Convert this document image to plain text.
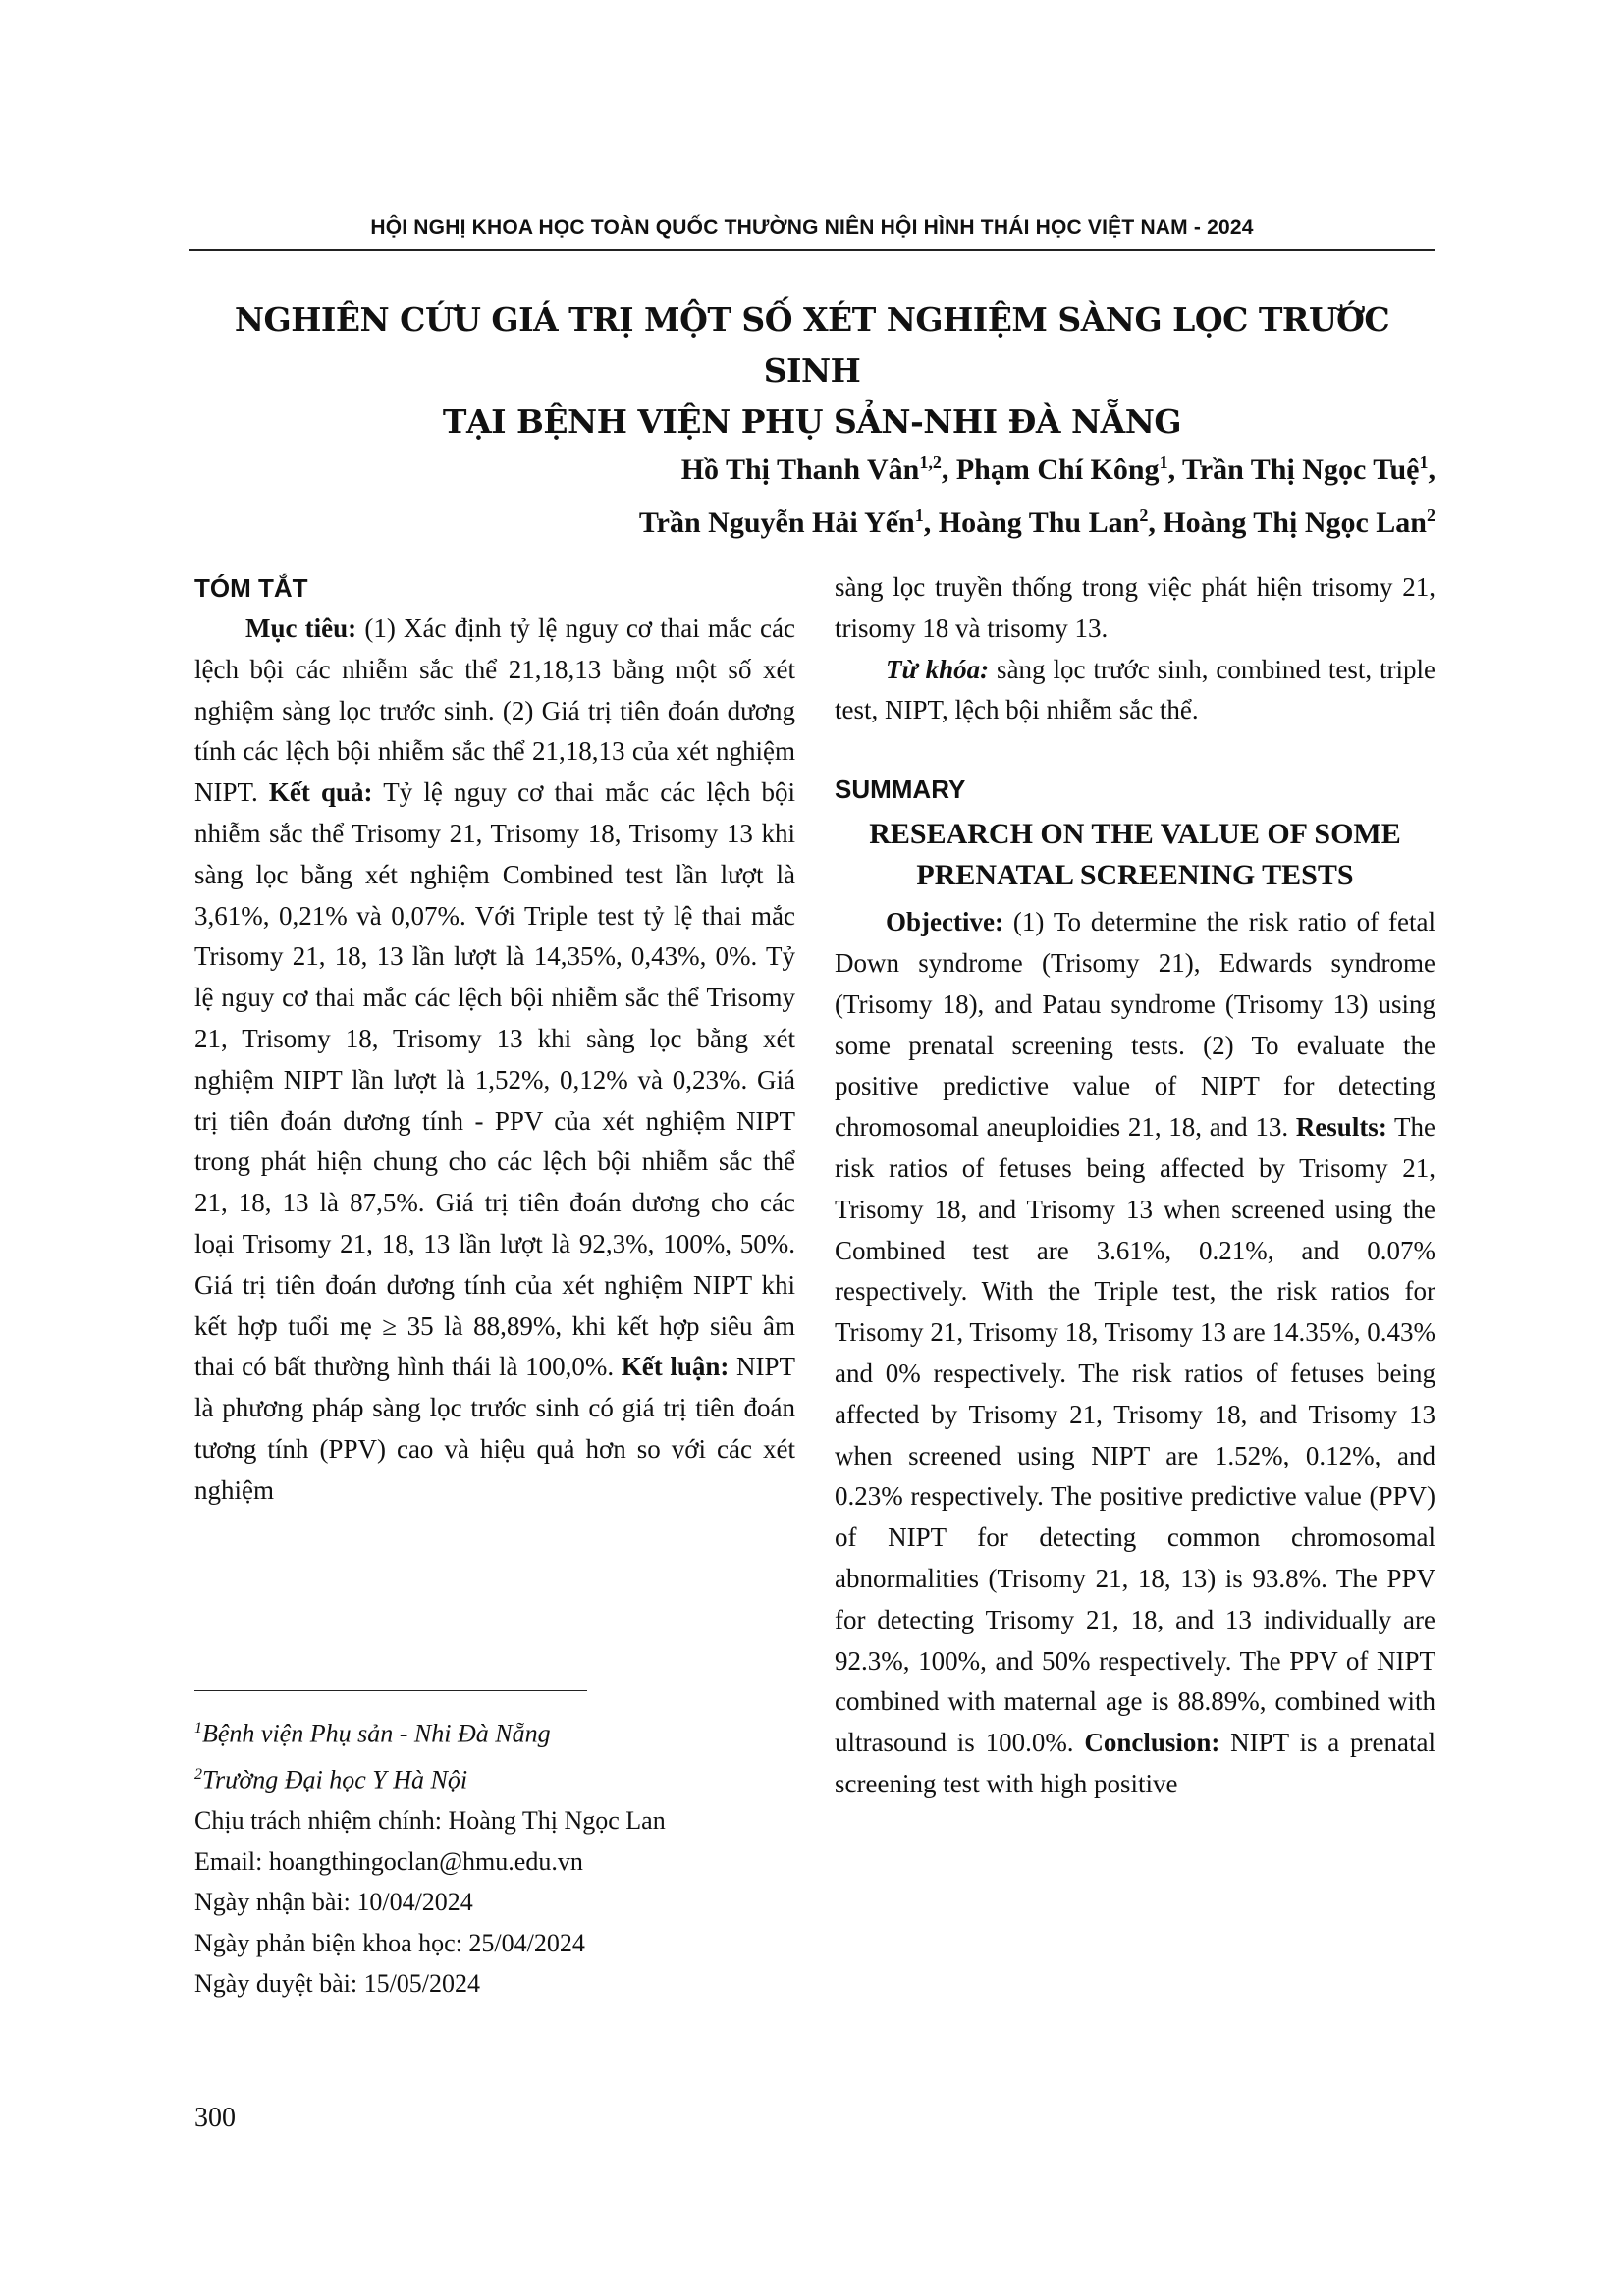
HỘI NGHỊ KHOA HỌC TOÀN QUỐC THƯỜNG NIÊN HỘI HÌNH THÁI HỌC VIỆT NAM - 2024
NGHIÊN CỨU GIÁ TRỊ MỘT SỐ XÉT NGHIỆM SÀNG LỌC TRƯỚC SINH
TẠI BỆNH VIỆN PHỤ SẢN-NHI ĐÀ NẴNG
Hồ Thị Thanh Vân$^{1,2}$, Phạm Chí Kông$^1$, Trần Thị Ngọc Tuệ$^1$,
Trần Nguyễn Hải Yến$^1$, Hoàng Thu Lan$^2$, Hoàng Thị Ngọc Lan$^2$

TÓM TẮT

Mục tiêu: (1) Xác định tỷ lệ nguy cơ thai mắc các lệch bội các nhiễm sắc thể 21,18,13 bằng một số xét nghiệm sàng lọc trước sinh. (2) Giá trị tiên đoán dương tính các lệch bội nhiễm sắc thể 21,18,13 của xét nghiệm NIPT. Kết quả: Tỷ lệ nguy cơ thai mắc các lệch bội nhiễm sắc thể Trisomy 21, Trisomy 18, Trisomy 13 khi sàng lọc bằng xét nghiệm Combined test lần lượt là 3,61%, 0,21% và 0,07%. Với Triple test tỷ lệ thai mắc Trisomy 21, 18, 13 lần lượt là 14,35%, 0,43%, 0%. Tỷ lệ nguy cơ thai mắc các lệch bội nhiễm sắc thể Trisomy 21, Trisomy 18, Trisomy 13 khi sàng lọc bằng xét nghiệm NIPT lần lượt là 1,52%, 0,12% và 0,23%. Giá trị tiên đoán dương tính - PPV của xét nghiệm NIPT trong phát hiện chung cho các lệch bội nhiễm sắc thể 21, 18, 13 là 87,5%. Giá trị tiên đoán dương cho các loại Trisomy 21, 18, 13 lần lượt là 92,3%, 100%, 50%. Giá trị tiên đoán dương tính của xét nghiệm NIPT khi kết hợp tuổi mẹ ≥ 35 là 88,89%, khi kết hợp siêu âm thai có bất thường hình thái là 100,0%. Kết luận: NIPT là phương pháp sàng lọc trước sinh có giá trị tiên đoán tương tính (PPV) cao và hiệu quả hơn so với các xét nghiệm

$^1$Bệnh viện Phụ sản - Nhi Đà Nẵng
$^2$Trường Đại học Y Hà Nội
Chịu trách nhiệm chính: Hoàng Thị Ngọc Lan
Email: hoangthingoclan@hmu.edu.vn
Ngày nhận bài: 10/04/2024
Ngày phản biện khoa học: 25/04/2024
Ngày duyệt bài: 15/05/2024

sàng lọc truyền thống trong việc phát hiện trisomy 21, trisomy 18 và trisomy 13.

Từ khóa: sàng lọc trước sinh, combined test, triple test, NIPT, lệch bội nhiễm sắc thể.

SUMMARY

RESEARCH ON THE VALUE OF SOME PRENATAL SCREENING TESTS

Objective: (1) To determine the risk ratio of fetal Down syndrome (Trisomy 21), Edwards syndrome (Trisomy 18), and Patau syndrome (Trisomy 13) using some prenatal screening tests. (2) To evaluate the positive predictive value of NIPT for detecting chromosomal aneuploidies 21, 18, and 13. Results: The risk ratios of fetuses being affected by Trisomy 21, Trisomy 18, and Trisomy 13 when screened using the Combined test are 3.61%, 0.21%, and 0.07% respectively. With the Triple test, the risk ratios for Trisomy 21, Trisomy 18, Trisomy 13 are 14.35%, 0.43% and 0% respectively. The risk ratios of fetuses being affected by Trisomy 21, Trisomy 18, and Trisomy 13 when screened using NIPT are 1.52%, 0.12%, and 0.23% respectively. The positive predictive value (PPV) of NIPT for detecting common chromosomal abnormalities (Trisomy 21, 18, 13) is 93.8%. The PPV for detecting Trisomy 21, 18, and 13 individually are 92.3%, 100%, and 50% respectively. The PPV of NIPT combined with maternal age is 88.89%, combined with ultrasound is 100.0%. Conclusion: NIPT is a prenatal screening test with high positive

300
